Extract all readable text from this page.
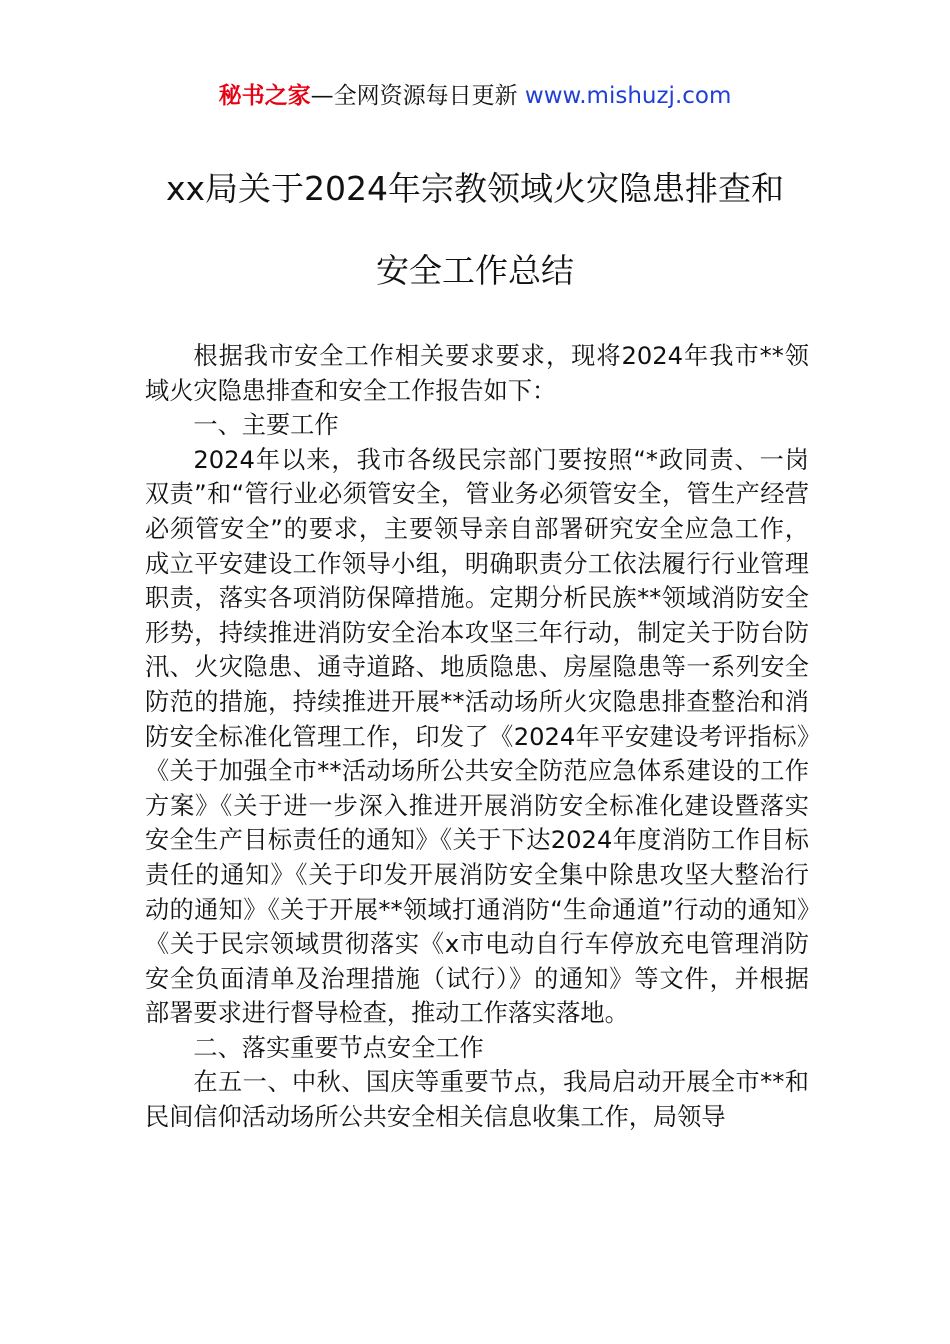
秘书之家—全网资源每日更新 www.mishuzj.com
xx局关于2024年宗教领域火灾隐患排查和
安全工作总结

根据我市安全工作相关要求要求，现将2024年我市**领域火灾隐患排查和安全工作报告如下：

一、主要工作

2024年以来，我市各级民宗部门要按照“*政同责、一岗双责”和“管行业必须管安全，管业务必须管安全，管生产经营必须管安全”的要求，主要领导亲自部署研究安全应急工作，成立平安建设工作领导小组，明确职责分工依法履行行业管理职责，落实各项消防保障措施。定期分析民族**领域消防安全形势，持续推进消防安全治本攻坚三年行动，制定关于防台防汛、火灾隐患、通寺道路、地质隐患、房屋隐患等一系列安全防范的措施，持续推进开展**活动场所火灾隐患排查整治和消防安全标准化管理工作，印发了《2024年平安建设考评指标》《关于加强全市**活动场所公共安全防范应急体系建设的工作方案》《关于进一步深入推进开展消防安全标准化建设暨落实安全生产目标责任的通知》《关于下达2024年度消防工作目标责任的通知》《关于印发开展消防安全集中除患攻坚大整治行动的通知》《关于开展**领域打通消防“生命通道”行动的通知》《关于民宗领域贯彻落实《x市电动自行车停放充电管理消防安全负面清单及治理措施（试行）》的通知》等文件，并根据部署要求进行督导检查，推动工作落实落地。

二、落实重要节点安全工作

在五一、中秋、国庆等重要节点，我局启动开展全市**和民间信仰活动场所公共安全相关信息收集工作，局领导
